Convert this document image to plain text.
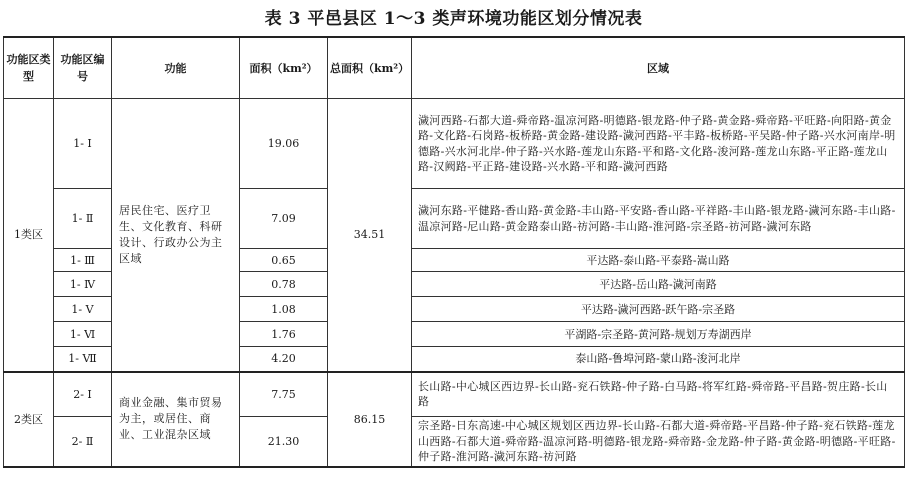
表 3 平邑县区 1～3 类声环境功能区划分情况表
功能区类型	功能区编号	功能	面积（km²）	总面积（km²）	区域
1类区	1- Ⅰ	居民住宅、医疗卫生、文化教育、科研设计、行政办公为主区域	19.06	34.51	濊河西路-石都大道-舜帝路-温凉河路-明德路-银龙路-仲子路-黄金路-舜帝路-平旺路-向阳路-黄金路-文化路-石岗路-板桥路-黄金路-建设路-濊河西路-平丰路-板桥路-平吴路-仲子路-兴水河南岸-明德路-兴水河北岸-仲子路-兴水路-莲龙山东路-平和路-文化路-浚河路-莲龙山东路-平正路-莲龙山路-汉阙路-平正路-建设路-兴水路-平和路-濊河西路
	1- Ⅱ		7.09		濊河东路-平健路-香山路-黄金路-丰山路-平安路-香山路-平祥路-丰山路-银龙路-濊河东路-丰山路-温凉河路-尼山路-黄金路泰山路-祊河路-丰山路-淮河路-宗圣路-祊河路-濊河东路
	1- Ⅲ		0.65		平达路-泰山路-平泰路-嵩山路
	1- Ⅳ		0.78		平达路-岳山路-濊河南路
	1- Ⅴ		1.08		平达路-濊河西路-跃午路-宗圣路
	1- Ⅵ		1.76		平湖路-宗圣路-黄河路-规划万寿湖西岸
	1- Ⅶ		4.20		泰山路-鲁埠河路-蒙山路-浚河北岸
2类区	2- Ⅰ	商业金融、集市贸易为主，或居住、商业、工业混杂区域	7.75	86.15	长山路-中心城区西边界-长山路-兖石铁路-仲子路-白马路-将军红路-舜帝路-平昌路-贺庄路-长山路
	2- Ⅱ		21.30		宗圣路-日东高速-中心城区规划区西边界-长山路-石都大道-舜帝路-平昌路-仲子路-兖石铁路-莲龙山西路-石都大道-舜帝路-温凉河路-明德路-银龙路-舜帝路-金龙路-仲子路-黄金路-明德路-平旺路-仲子路-淮河路-濊河东路-祊河路
